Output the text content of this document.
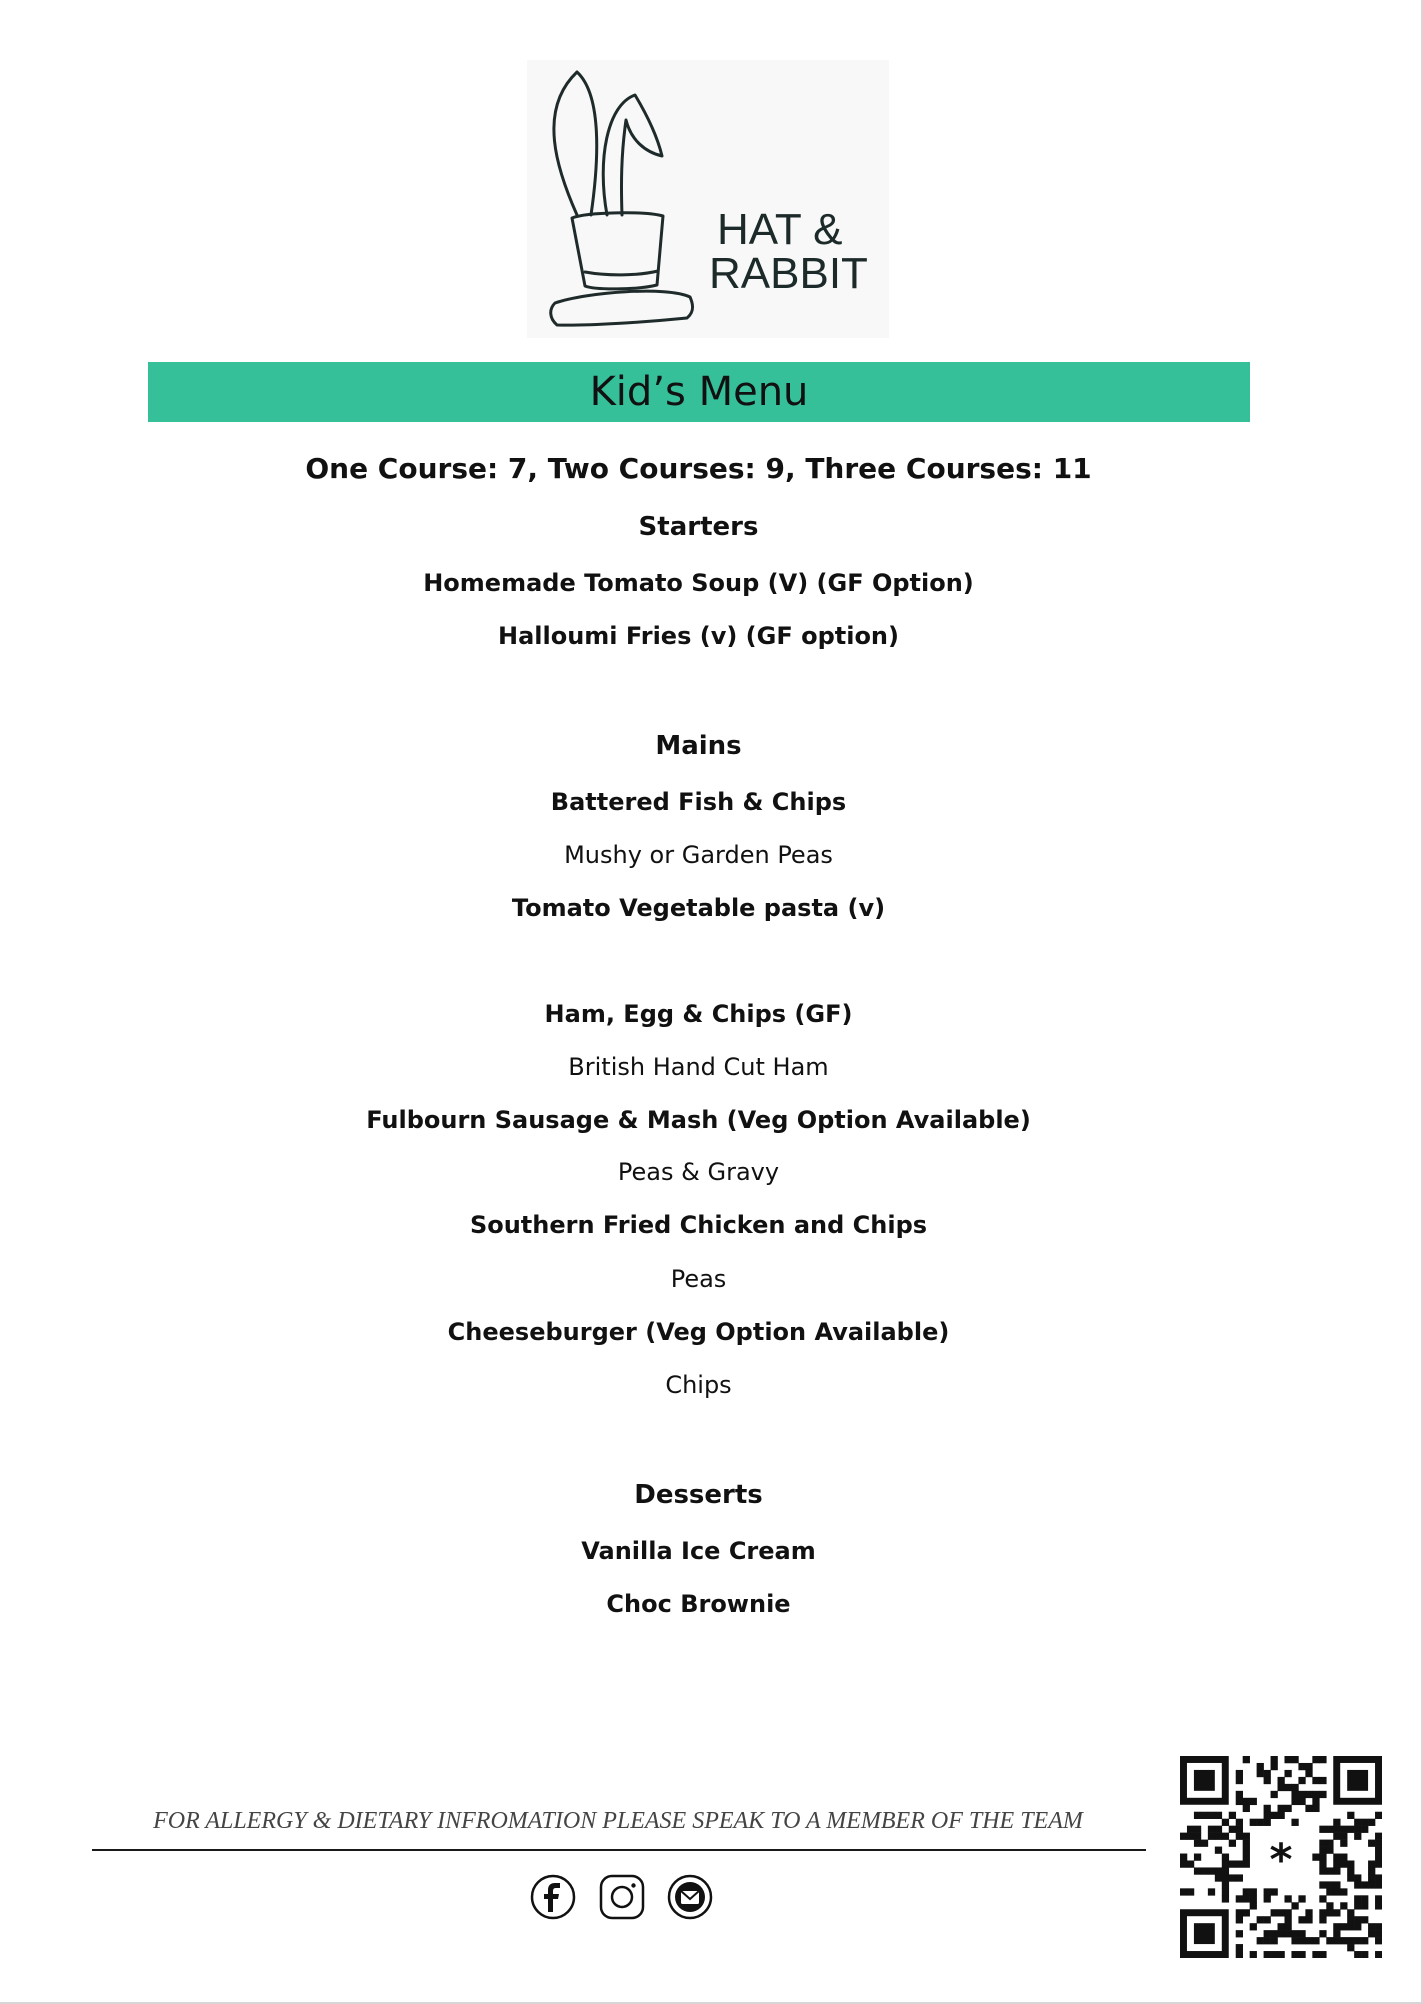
HAT &
RABBIT
Kid’s Menu
One Course: 7, Two Courses: 9, Three Courses: 11
Starters
Homemade Tomato Soup (V) (GF Option)
Halloumi Fries (v) (GF option)
Mains
Battered Fish & Chips
Mushy or Garden Peas
Tomato Vegetable pasta (v)
Ham, Egg & Chips (GF)
British Hand Cut Ham
Fulbourn Sausage & Mash (Veg Option Available)
Peas & Gravy
Southern Fried Chicken and Chips
Peas
Cheeseburger (Veg Option Available)
Chips
Desserts
Vanilla Ice Cream
Choc Brownie
FOR ALLERGY & DIETARY INFROMATION PLEASE SPEAK TO A MEMBER OF THE TEAM
*
